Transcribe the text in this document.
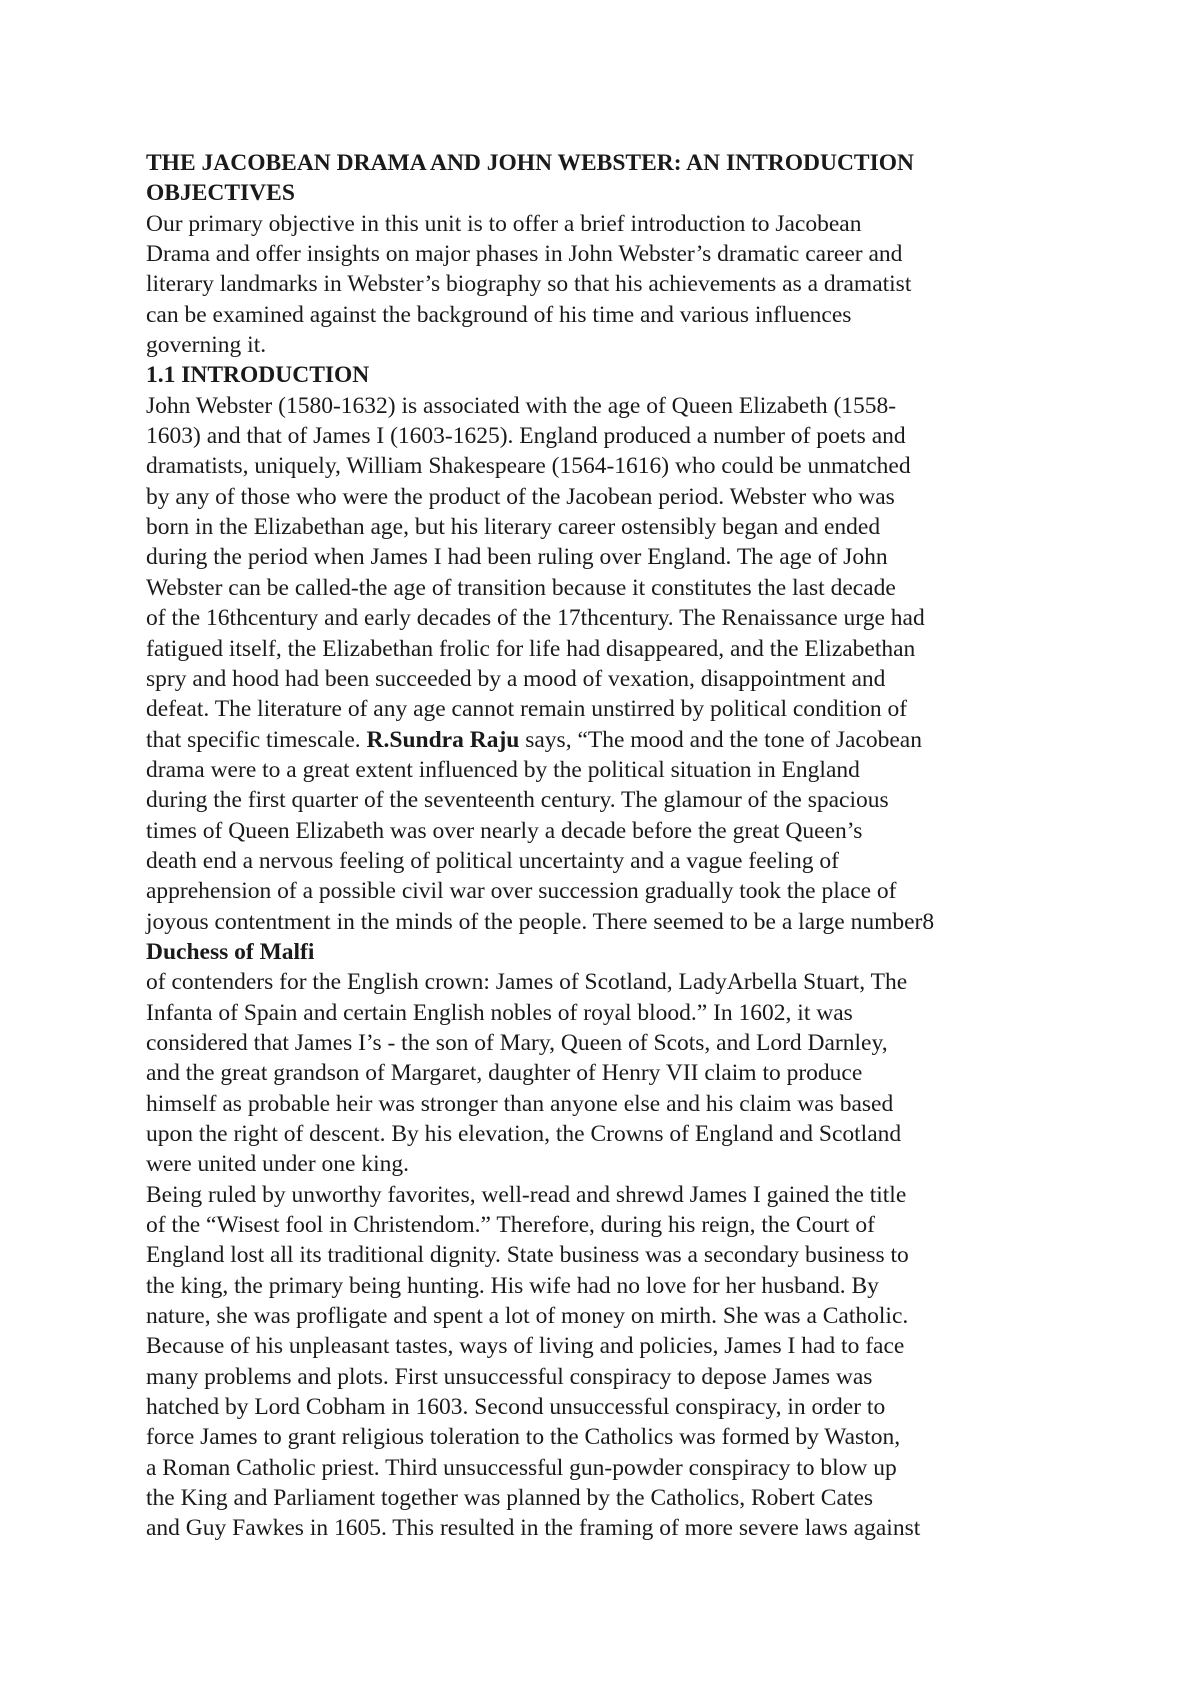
THE JACOBEAN DRAMA AND JOHN WEBSTER: AN INTRODUCTION
OBJECTIVES
Our primary objective in this unit is to offer a brief introduction to Jacobean
Drama and offer insights on major phases in John Webster’s dramatic career and
literary landmarks in Webster’s biography so that his achievements as a dramatist
can be examined against the background of his time and various influences
governing it.
1.1 INTRODUCTION
John Webster (1580-1632) is associated with the age of Queen Elizabeth (1558-
1603) and that of James I (1603-1625). England produced a number of poets and
dramatists, uniquely, William Shakespeare (1564-1616) who could be unmatched
by any of those who were the product of the Jacobean period. Webster who was
born in the Elizabethan age, but his literary career ostensibly began and ended
during the period when James I had been ruling over England. The age of John
Webster can be called-the age of transition because it constitutes the last decade
of the 16thcentury and early decades of the 17thcentury. The Renaissance urge had
fatigued itself, the Elizabethan frolic for life had disappeared, and the Elizabethan
spry and hood had been succeeded by a mood of vexation, disappointment and
defeat. The literature of any age cannot remain unstirred by political condition of
that specific timescale. R.Sundra Raju says, “The mood and the tone of Jacobean
drama were to a great extent influenced by the political situation in England
during the first quarter of the seventeenth century. The glamour of the spacious
times of Queen Elizabeth was over nearly a decade before the great Queen’s
death end a nervous feeling of political uncertainty and a vague feeling of
apprehension of a possible civil war over succession gradually took the place of
joyous contentment in the minds of the people. There seemed to be a large number8
Duchess of Malfi
of contenders for the English crown: James of Scotland, LadyArbella Stuart, The
Infanta of Spain and certain English nobles of royal blood.” In 1602, it was
considered that James I’s - the son of Mary, Queen of Scots, and Lord Darnley,
and the great grandson of Margaret, daughter of Henry VII claim to produce
himself as probable heir was stronger than anyone else and his claim was based
upon the right of descent. By his elevation, the Crowns of England and Scotland
were united under one king.
Being ruled by unworthy favorites, well-read and shrewd James I gained the title
of the “Wisest fool in Christendom.” Therefore, during his reign, the Court of
England lost all its traditional dignity. State business was a secondary business to
the king, the primary being hunting. His wife had no love for her husband. By
nature, she was profligate and spent a lot of money on mirth. She was a Catholic.
Because of his unpleasant tastes, ways of living and policies, James I had to face
many problems and plots. First unsuccessful conspiracy to depose James was
hatched by Lord Cobham in 1603. Second unsuccessful conspiracy, in order to
force James to grant religious toleration to the Catholics was formed by Waston,
a Roman Catholic priest. Third unsuccessful gun-powder conspiracy to blow up
the King and Parliament together was planned by the Catholics, Robert Cates
and Guy Fawkes in 1605. This resulted in the framing of more severe laws against
